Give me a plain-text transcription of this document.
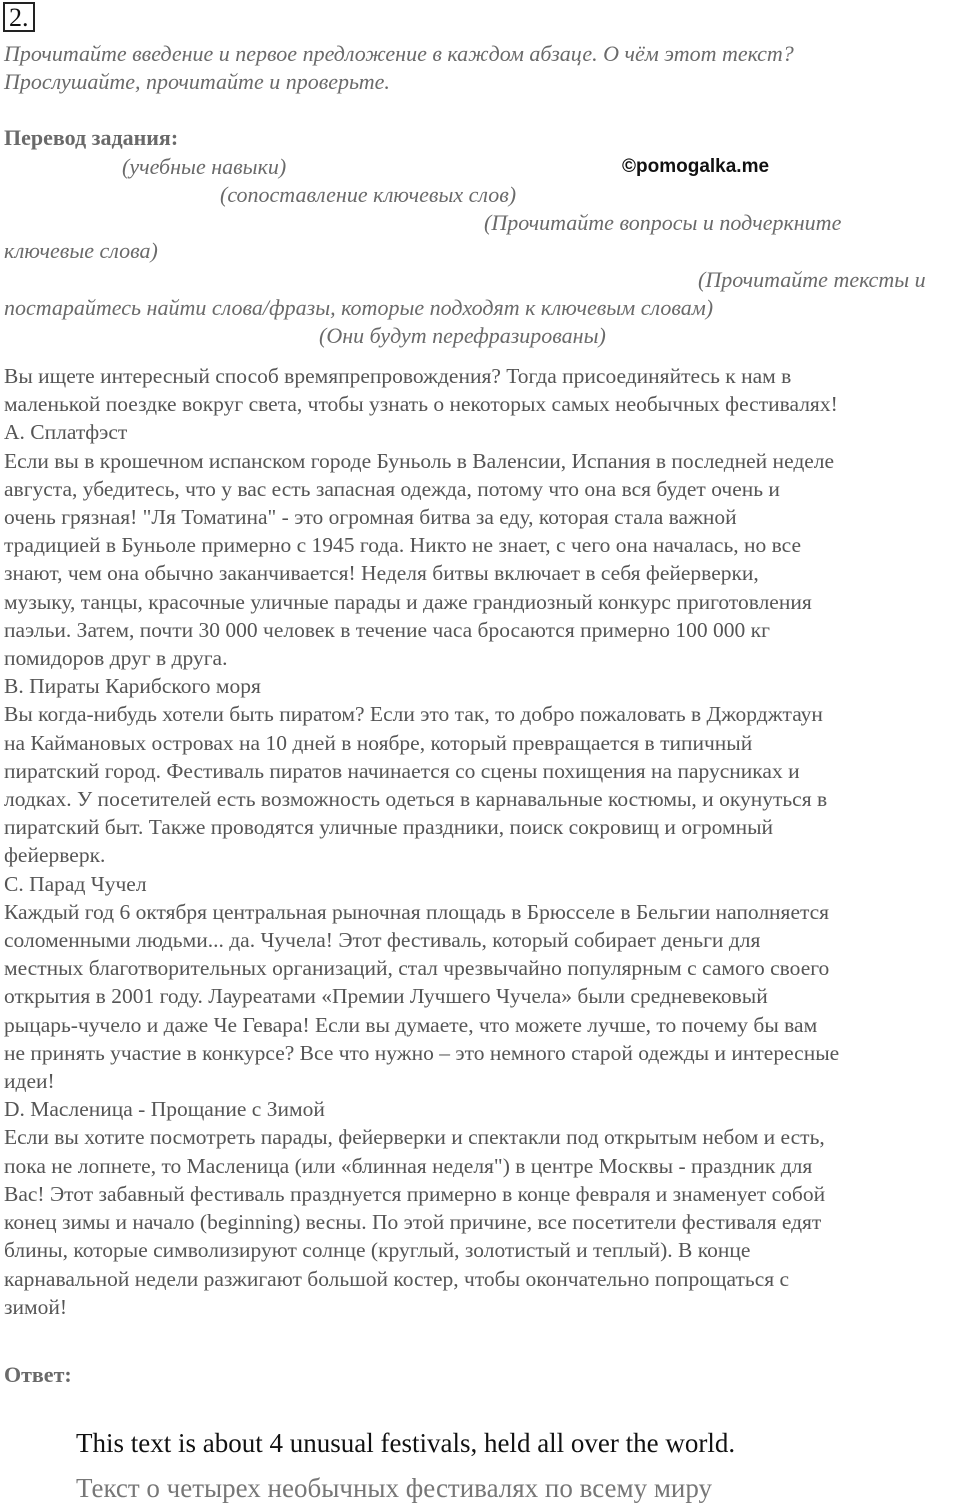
2.
Прочитайте введение и первое предложение в каждом абзаце. О чём этот текст?
Прослушайте, прочитайте и проверьте.
Перевод задания:
(учебные навыки)	©pomogalka.me
(сопоставление ключевых слов)
(Прочитайте вопросы и подчеркните
ключевые слова)
(Прочитайте тексты и
постарайтесь найти слова/фразы, которые подходят к ключевым словам)
(Они будут перефразированы)
Вы ищете интересный способ времяпрепровождения? Тогда присоединяйтесь к нам в
маленькой поездке вокруг света, чтобы узнать о некоторых самых необычных фестивалях!
A. Сплатфэст
Если вы в крошечном испанском городе Буньоль в Валенсии, Испания в последней неделе
августа, убедитесь, что у вас есть запасная одежда, потому что она вся будет очень и
очень грязная! "Ля Томатина" - это огромная битва за еду, которая стала важной
традицией в Буньоле примерно с 1945 года. Никто не знает, с чего она началась, но все
знают, чем она обычно заканчивается! Неделя битвы включает в себя фейерверки,
музыку, танцы, красочные уличные парады и даже грандиозный конкурс приготовления
паэльи. Затем, почти 30 000 человек в течение часа бросаются примерно 100 000 кг
помидоров друг в друга.
B. Пираты Карибского моря
Вы когда-нибудь хотели быть пиратом? Если это так, то добро пожаловать в Джорджтаун
на Каймановых островах на 10 дней в ноябре, который превращается в типичный
пиратский город. Фестиваль пиратов начинается со сцены похищения на парусниках и
лодках. У посетителей есть возможность одеться в карнавальные костюмы, и окунуться в
пиратский быт. Также проводятся уличные праздники, поиск сокровищ и огромный
фейерверк.
C. Парад Чучел
Каждый год 6 октября центральная рыночная площадь в Брюсселе в Бельгии наполняется
соломенными людьми... да. Чучела! Этот фестиваль, который собирает деньги для
местных благотворительных организаций, стал чрезвычайно популярным с самого своего
открытия в 2001 году. Лауреатами «Премии Лучшего Чучела» были средневековый
рыцарь-чучело и даже Че Гевара! Если вы думаете, что можете лучше, то почему бы вам
не принять участие в конкурсе? Все что нужно – это немного старой одежды и интересные
идеи!
D. Масленица - Прощание с Зимой
Если вы хотите посмотреть парады, фейерверки и спектакли под открытым небом и есть,
пока не лопнете, то Масленица (или «блинная неделя") в центре Москвы - праздник для
Вас! Этот забавный фестиваль празднуется примерно в конце февраля и знаменует собой
конец зимы и начало (beginning) весны. По этой причине, все посетители фестиваля едят
блины, которые символизируют солнце (круглый, золотистый и теплый). В конце
карнавальной недели разжигают большой костер, чтобы окончательно попрощаться с
зимой!
Ответ:
This text is about 4 unusual festivals, held all over the world.
Текст о четырех необычных фестивалях по всему миру
